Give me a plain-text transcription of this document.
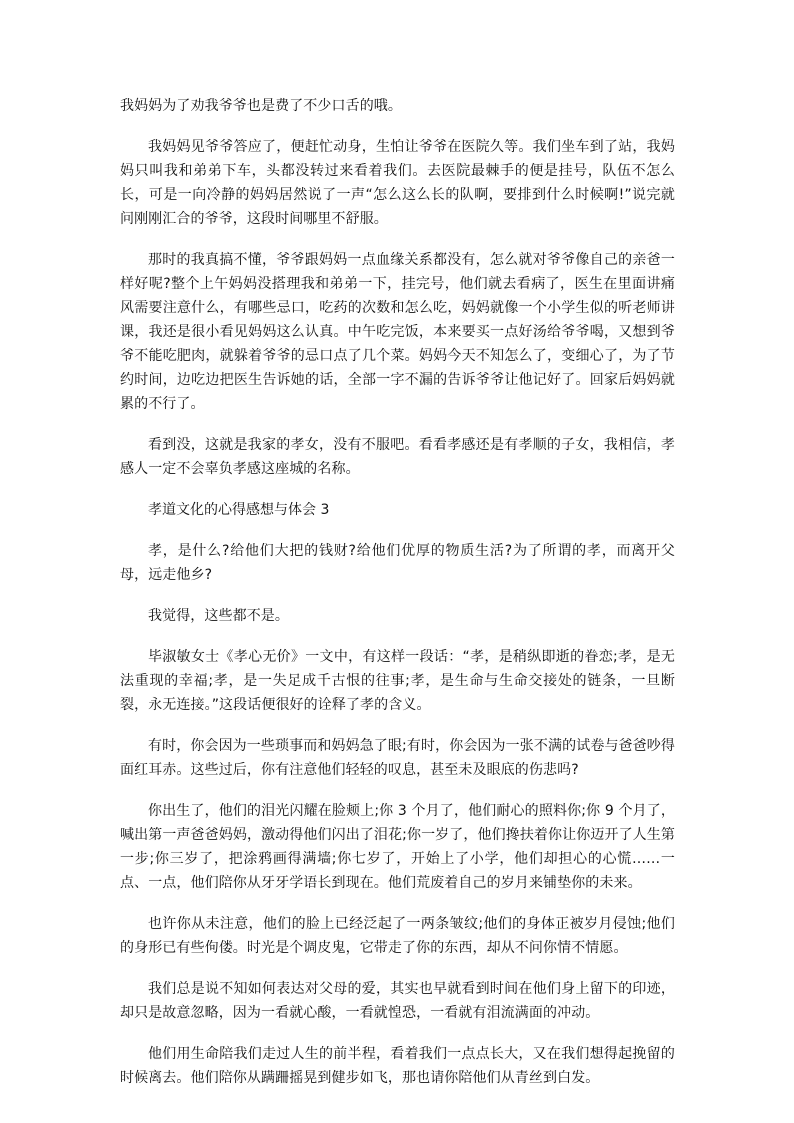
我妈妈为了劝我爷爷也是费了不少口舌的哦。

我妈妈见爷爷答应了，便赶忙动身，生怕让爷爷在医院久等。我们坐车到了站，我妈妈只叫我和弟弟下车，头都没转过来看着我们。去医院最棘手的便是挂号，队伍不怎么长，可是一向冷静的妈妈居然说了一声“怎么这么长的队啊，要排到什么时候啊!”说完就问刚刚汇合的爷爷，这段时间哪里不舒服。

那时的我真搞不懂，爷爷跟妈妈一点血缘关系都没有，怎么就对爷爷像自己的亲爸一样好呢?整个上午妈妈没搭理我和弟弟一下，挂完号，他们就去看病了，医生在里面讲痛风需要注意什么，有哪些忌口，吃药的次数和怎么吃，妈妈就像一个小学生似的听老师讲课，我还是很小看见妈妈这么认真。中午吃完饭，本来要买一点好汤给爷爷喝，又想到爷爷不能吃肥肉，就躲着爷爷的忌口点了几个菜。妈妈今天不知怎么了，变细心了，为了节约时间，边吃边把医生告诉她的话，全部一字不漏的告诉爷爷让他记好了。回家后妈妈就累的不行了。

看到没，这就是我家的孝女，没有不服吧。看看孝感还是有孝顺的子女，我相信，孝感人一定不会辜负孝感这座城的名称。

孝道文化的心得感想与体会 3

孝，是什么?给他们大把的钱财?给他们优厚的物质生活?为了所谓的孝，而离开父母，远走他乡?

我觉得，这些都不是。

毕淑敏女士《孝心无价》一文中，有这样一段话：“孝，是稍纵即逝的眷恋;孝，是无法重现的幸福;孝，是一失足成千古恨的往事;孝，是生命与生命交接处的链条，一旦断裂，永无连接。”这段话便很好的诠释了孝的含义。

有时，你会因为一些琐事而和妈妈急了眼;有时，你会因为一张不满的试卷与爸爸吵得面红耳赤。这些过后，你有注意他们轻轻的叹息，甚至未及眼底的伤悲吗?

你出生了，他们的泪光闪耀在脸颊上;你 3 个月了，他们耐心的照料你;你 9 个月了，喊出第一声爸爸妈妈，激动得他们闪出了泪花;你一岁了，他们搀扶着你让你迈开了人生第一步;你三岁了，把涂鸦画得满墙;你七岁了，开始上了小学，他们却担心的心慌……一点、一点，他们陪你从牙牙学语长到现在。他们荒废着自己的岁月来铺垫你的未来。

也许你从未注意，他们的脸上已经泛起了一两条皱纹;他们的身体正被岁月侵蚀;他们的身形已有些佝偻。时光是个调皮鬼，它带走了你的东西，却从不问你情不情愿。

我们总是说不知如何表达对父母的爱，其实也早就看到时间在他们身上留下的印迹，却只是故意忽略，因为一看就心酸，一看就惶恐，一看就有泪流满面的冲动。

他们用生命陪我们走过人生的前半程，看着我们一点点长大，又在我们想得起挽留的时候离去。他们陪你从蹒跚摇晃到健步如飞，那也请你陪他们从青丝到白发。
